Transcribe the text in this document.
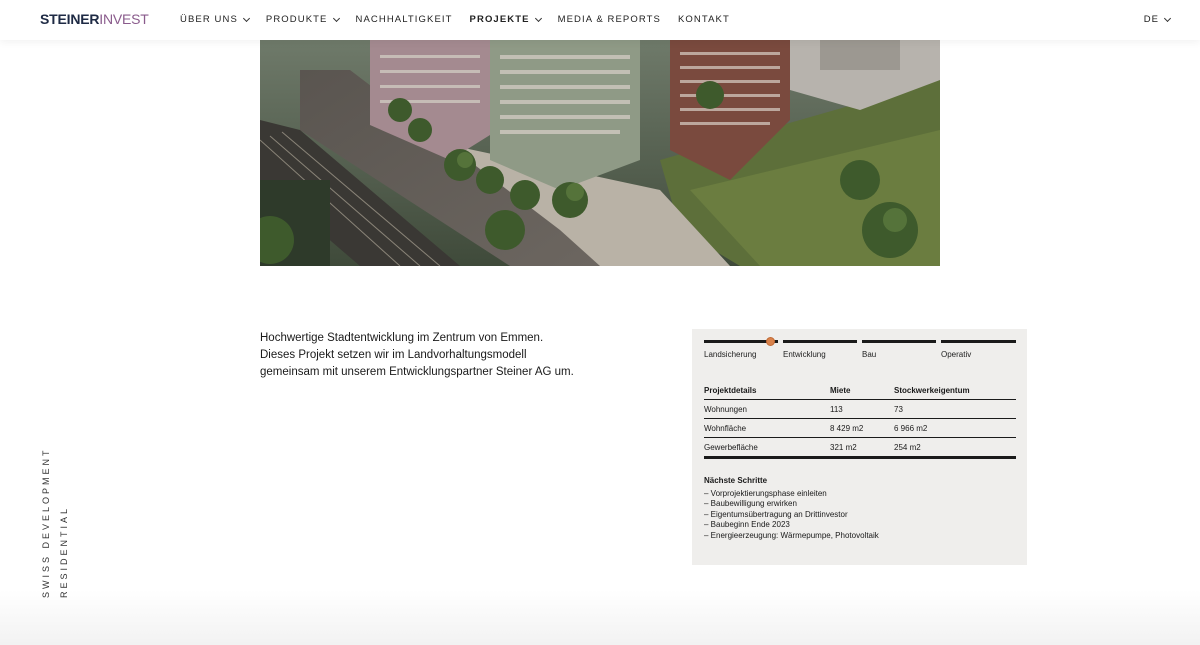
STEINERINVEST	ÜBER UNS	PRODUKTE	NACHHALTIGKEIT PROJEKTE	MEDIA & REPORTS KONTAKT	DE
Hochwertige Stadtentwicklung im Zentrum von Emmen.
Dieses Projekt setzen wir im Landvorhaltungsmodell
gemeinsam mit unserem Entwicklungspartner Steiner AG um.
SWISS DEVELOPMENT RESIDENTIAL
Landsicherung	Entwicklung	Bau	Operativ
Projektdetails	Miete	Stockwerkeigentum
Wohnungen	113	73
Wohnfläche	8 429 m2	6 966 m2
Gewerbefläche	321 m2	254 m2
Nächste Schritte
– Vorprojektierungsphase einleiten
– Baubewilligung erwirken
– Eigentumsübertragung an Drittinvestor
– Baubeginn Ende 2023
– Energieerzeugung: Wärmepumpe, Photovoltaik
